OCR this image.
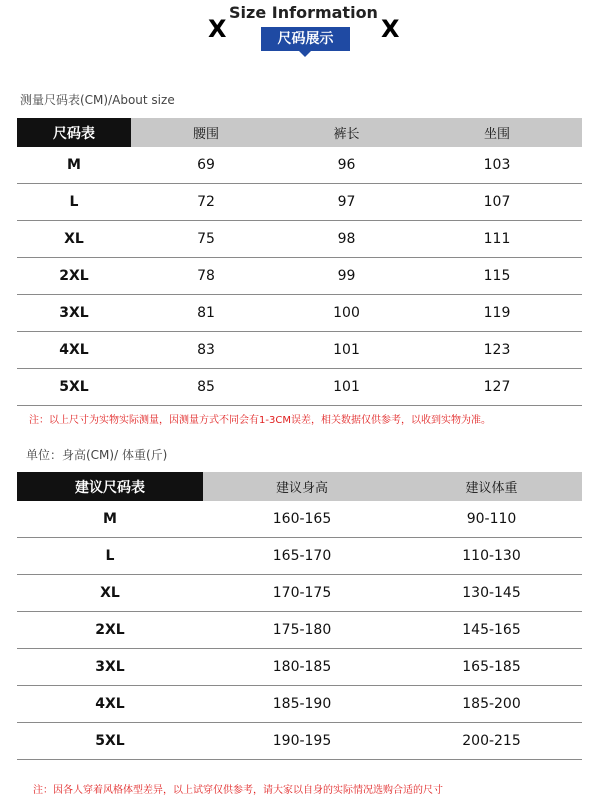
X
Size Information
尺码展示	X
测量尺码表(CM)/About size
尺码表	腰围	裤长	坐围
M	69	96	103
L	72	97	107
XL	75	98	111
2XL	78	99	115
3XL	81	100	119
4XL	83	101	123
5XL	85	101	127
注：以上尺寸为实物实际测量，因测量方式不同会有1-3CM误差，相关数据仅供参考，以收到实物为准。
单位：身高(CM)/ 体重(斤)
建议尺码表	建议身高	建议体重
M	160-165	90-110
L	165-170	110-130
XL	170-175	130-145
2XL	175-180	145-165
3XL	180-185	165-185
4XL	185-190	185-200
5XL	190-195	200-215
注：因各人穿着风格体型差异，以上试穿仅供参考，请大家以自身的实际情况选购合适的尺寸
